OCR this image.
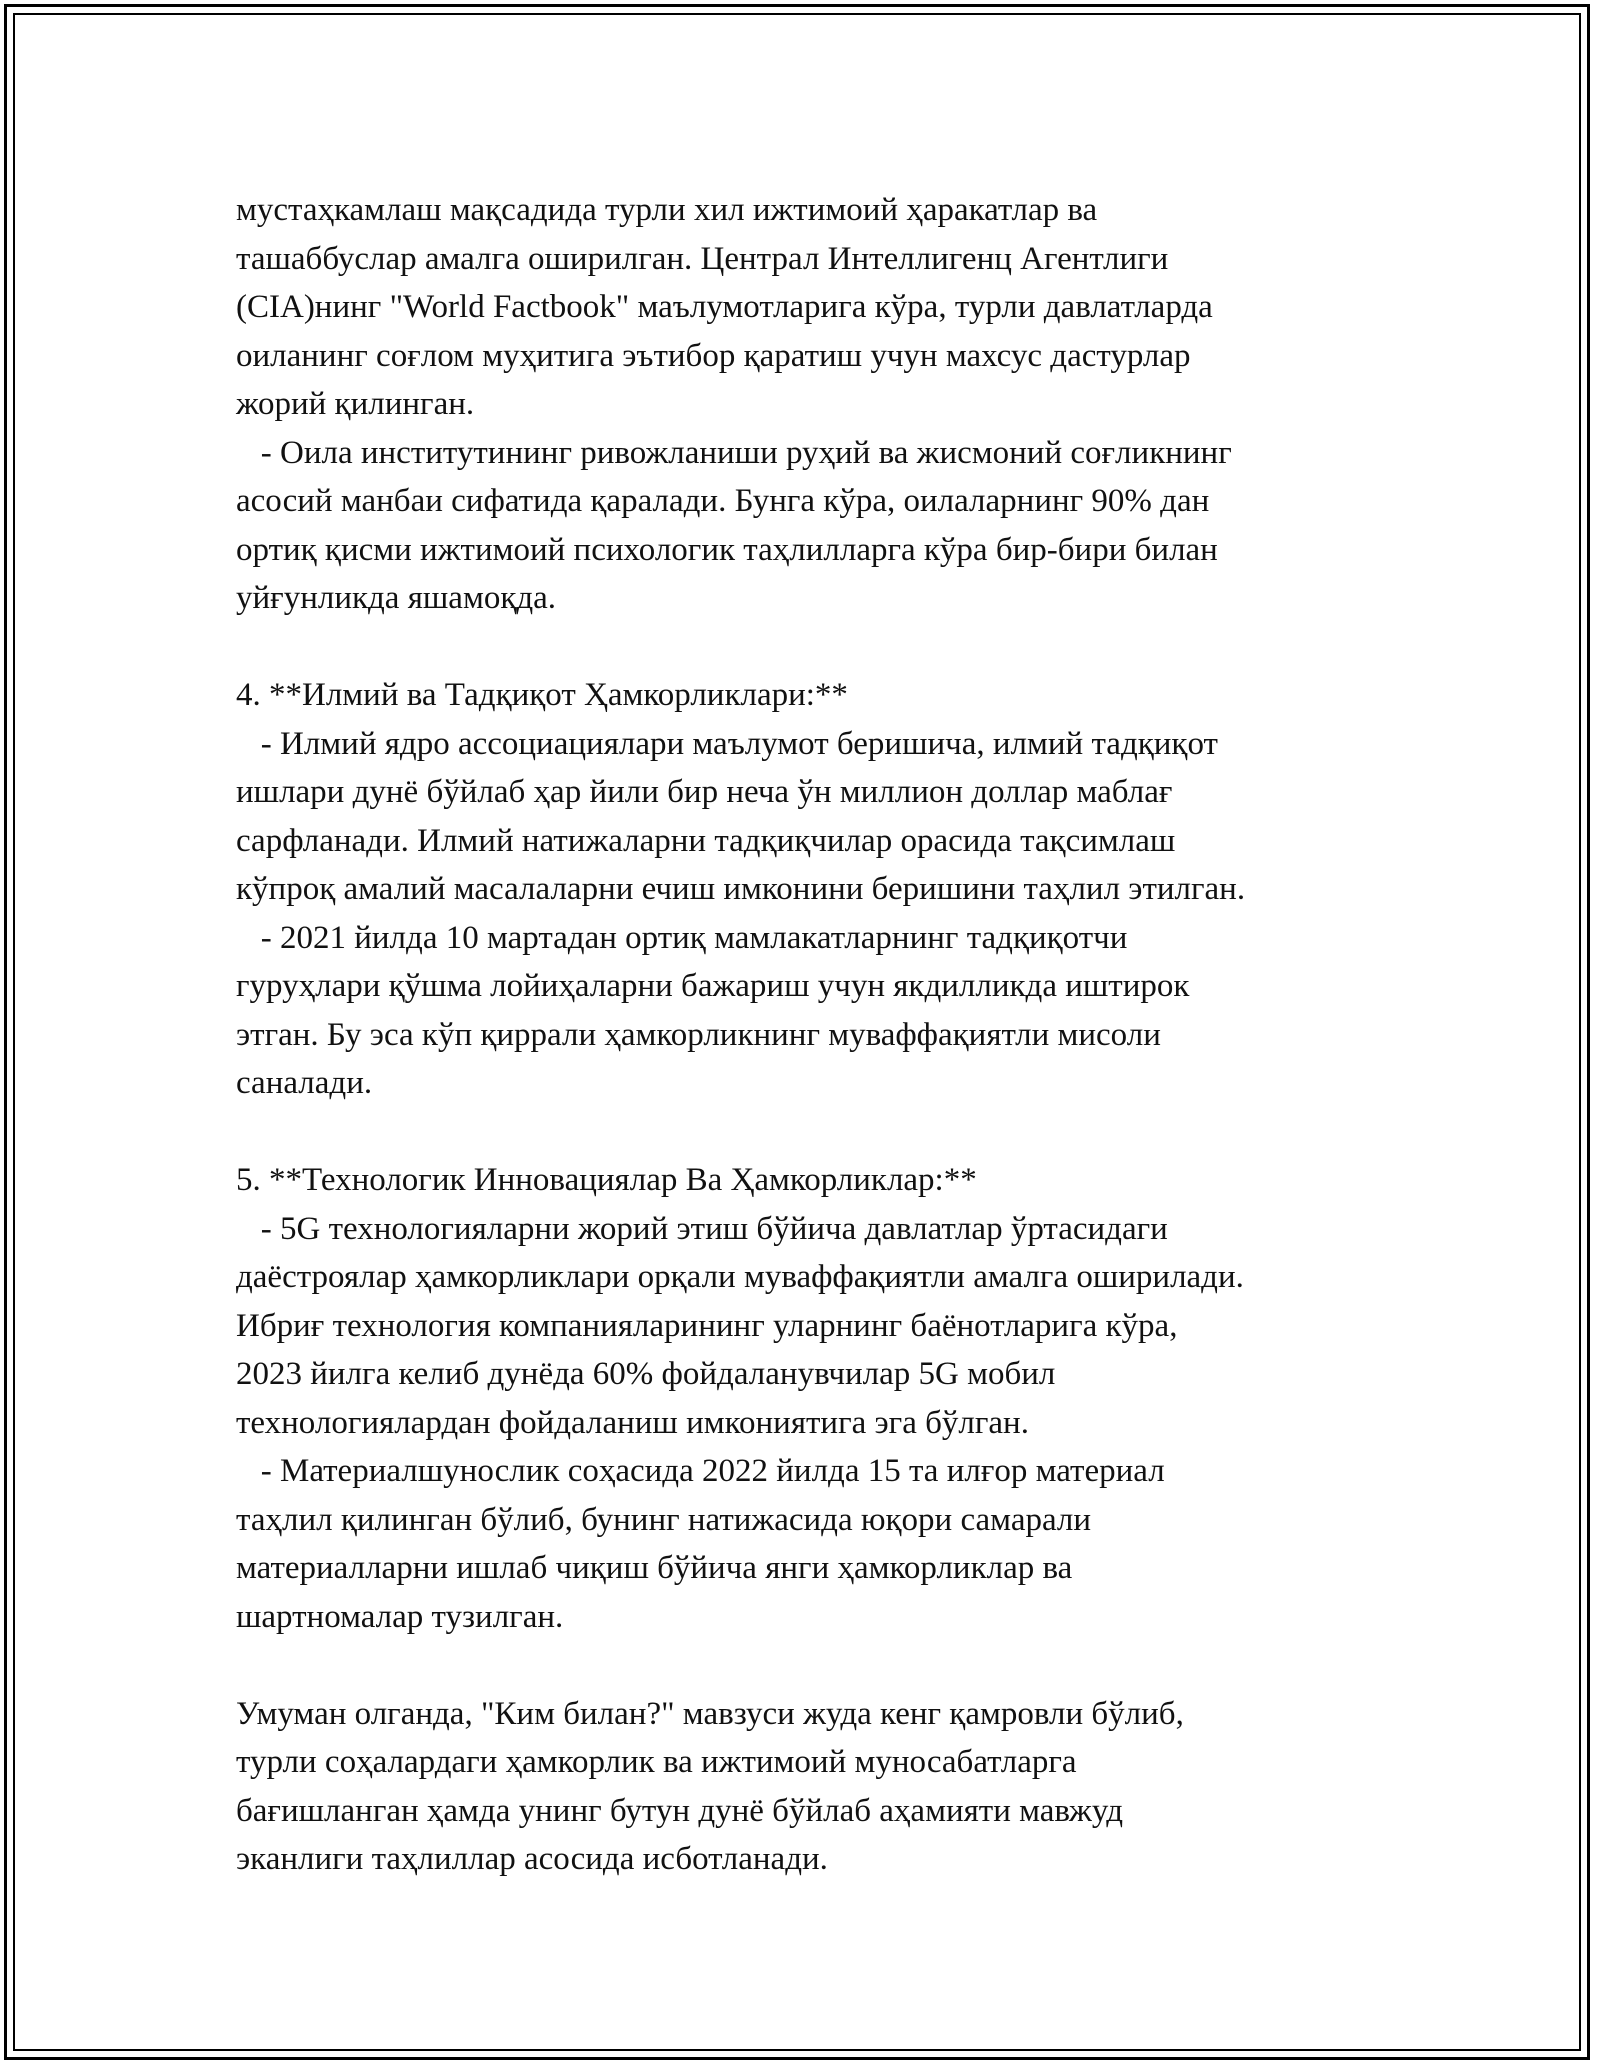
мустаҳкамлаш мақсадида турли хил ижтимоий ҳаракатлар ва
ташаббуслар амалга оширилган. Централ Интеллигенц Агентлиги
(CIA)нинг "World Factbook" маълумотларига кўра, турли давлатларда
оиланинг соғлом муҳитига эътибор қаратиш учун махсус дастурлар
жорий қилинган.
- Оила институтининг ривожланиши руҳий ва жисмоний соғликнинг
асосий манбаи сифатида қаралади. Бунга кўра, оилаларнинг 90% дан
ортиқ қисми ижтимоий психологик таҳлилларга кўра бир-бири билан
уйғунликда яшамоқда.
4. **Илмий ва Тадқиқот Ҳамкорликлари:**
- Илмий ядро ассоциациялари маълумот беришича, илмий тадқиқот
ишлари дунё бўйлаб ҳар йили бир неча ўн миллион доллар маблағ
сарфланади. Илмий натижаларни тадқиқчилар орасида тақсимлаш
кўпроқ амалий масалаларни ечиш имконини беришини таҳлил этилган.
- 2021 йилда 10 мартадан ортиқ мамлакатларнинг тадқиқотчи
гуруҳлари қўшма лойиҳаларни бажариш учун якдилликда иштирок
этган. Бу эса кўп қиррали ҳамкорликнинг муваффақиятли мисоли
саналади.
5. **Технологик Инновациялар Ва Ҳамкорликлар:**
- 5G технологияларни жорий этиш бўйича давлатлар ўртасидаги
даёстроялар ҳамкорликлари орқали муваффақиятли амалга оширилади.
Ибриғ технология компанияларининг уларнинг баёнотларига кўра,
2023 йилга келиб дунёда 60% фойдаланувчилар 5G мобил
технологиялардан фойдаланиш имкониятига эга бўлган.
- Материалшунослик соҳасида 2022 йилда 15 та илғор материал
таҳлил қилинган бўлиб, бунинг натижасида юқори самарали
материалларни ишлаб чиқиш бўйича янги ҳамкорликлар ва
шартномалар тузилган.
Умуман олганда, "Ким билан?" мавзуси жуда кенг қамровли бўлиб,
турли соҳалардаги ҳамкорлик ва ижтимоий муносабатларга
бағишланган ҳамда унинг бутун дунё бўйлаб аҳамияти мавжуд
эканлиги таҳлиллар асосида исботланади.
